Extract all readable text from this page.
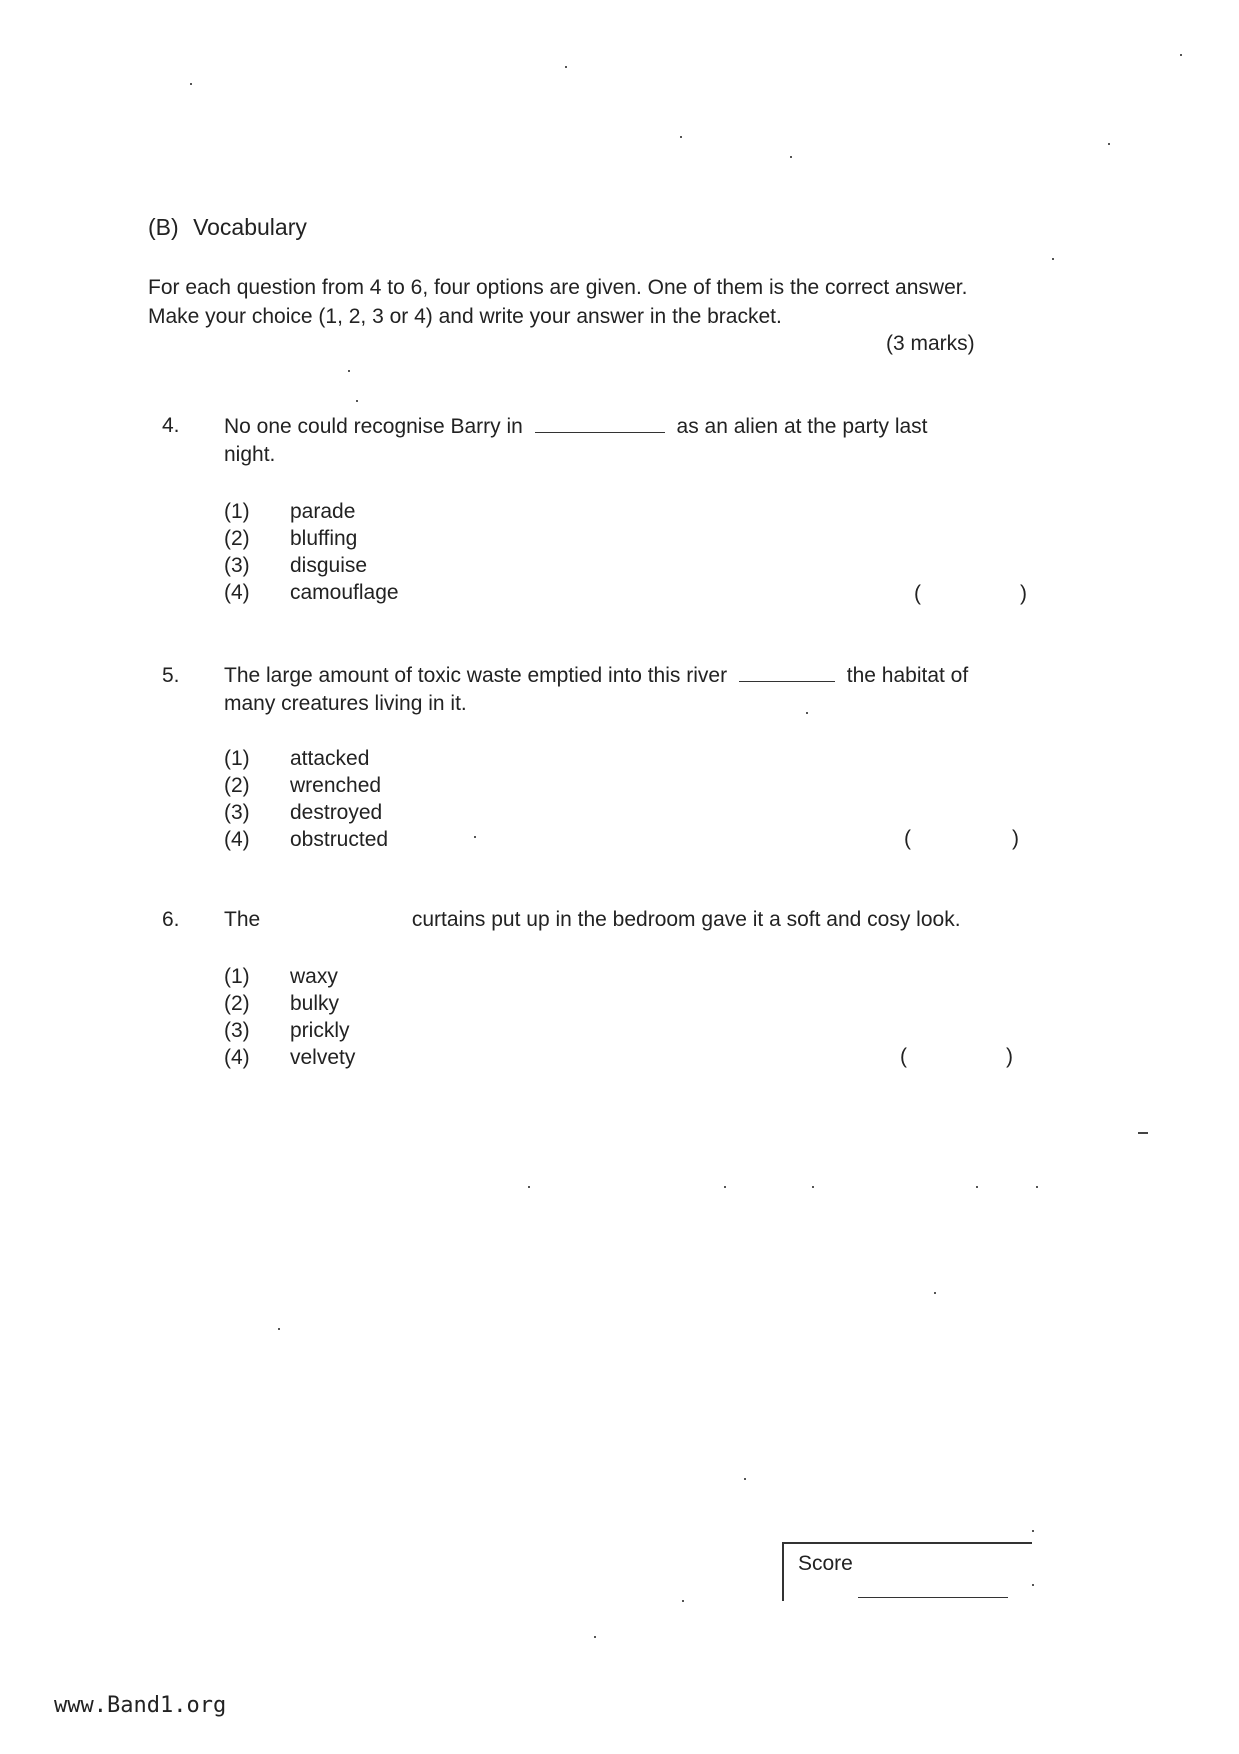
(B) Vocabulary
For each question from 4 to 6, four options are given. One of them is the correct answer. Make your choice (1, 2, 3 or 4) and write your answer in the bracket.
(3 marks)
4. No one could recognise Barry in	as an alien at the party last night.
(1) parade
(2) bluffing
(3) disguise
(4) camouflage	(	)
5. The large amount of toxic waste emptied into this river	the habitat of many creatures living in it.
(1) attacked
(2) wrenched
(3) destroyed
(4) obstructed	(	)
6. The	curtains put up in the bedroom gave it a soft and cosy look.
(1) waxy
(2) bulky
(3) prickly
(4) velvety	(	)
Score
www.Band1.org
